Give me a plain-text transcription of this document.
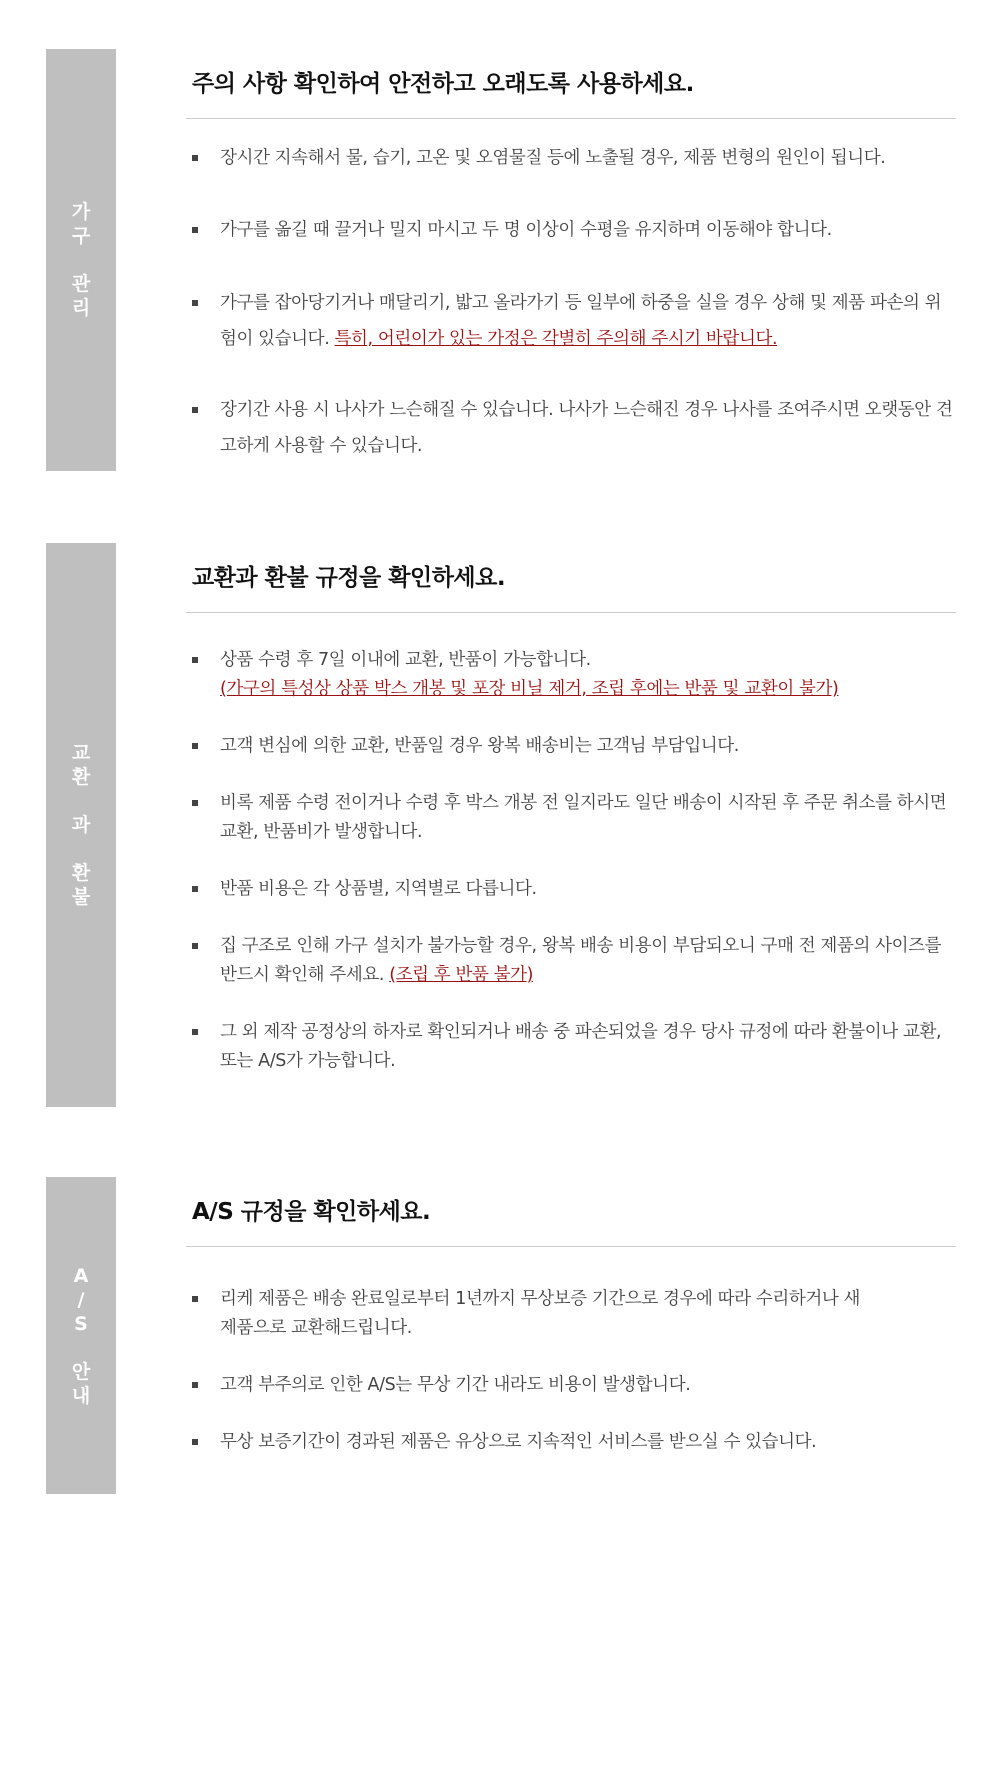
가
구
관
리
주의 사항 확인하여 안전하고 오래도록 사용하세요.
장시간 지속해서 물, 습기, 고온 및 오염물질 등에 노출될 경우, 제품 변형의 원인이 됩니다.
가구를 옮길 때 끌거나 밀지 마시고 두 명 이상이 수평을 유지하며 이동해야 합니다.
가구를 잡아당기거나 매달리기, 밟고 올라가기 등 일부에 하중을 실을 경우 상해 및 제품 파손의 위험이 있습니다. 특히, 어린이가 있는 가정은 각별히 주의해 주시기 바랍니다.
장기간 사용 시 나사가 느슨해질 수 있습니다. 나사가 느슨해진 경우 나사를 조여주시면 오랫동안 견고하게 사용할 수 있습니다.
교
환
과
환
불
교환과 환불 규정을 확인하세요.
상품 수령 후 7일 이내에 교환, 반품이 가능합니다.
(가구의 특성상 상품 박스 개봉 및 포장 비닐 제거, 조립 후에는 반품 및 교환이 불가)
고객 변심에 의한 교환, 반품일 경우 왕복 배송비는 고객님 부담입니다.
비록 제품 수령 전이거나 수령 후 박스 개봉 전 일지라도 일단 배송이 시작된 후 주문 취소를 하시면 교환, 반품비가 발생합니다.
반품 비용은 각 상품별, 지역별로 다릅니다.
집 구조로 인해 가구 설치가 불가능할 경우, 왕복 배송 비용이 부담되오니 구매 전 제품의 사이즈를 반드시 확인해 주세요. (조립 후 반품 불가)
그 외 제작 공정상의 하자로 확인되거나 배송 중 파손되었을 경우 당사 규정에 따라 환불이나 교환, 또는 A/S가 가능합니다.
A
/
S
안
내
A/S 규정을 확인하세요.
리케 제품은 배송 완료일로부터 1년까지 무상보증 기간으로 경우에 따라 수리하거나 새 제품으로 교환해드립니다.
고객 부주의로 인한 A/S는 무상 기간 내라도 비용이 발생합니다.
무상 보증기간이 경과된 제품은 유상으로 지속적인 서비스를 받으실 수 있습니다.
